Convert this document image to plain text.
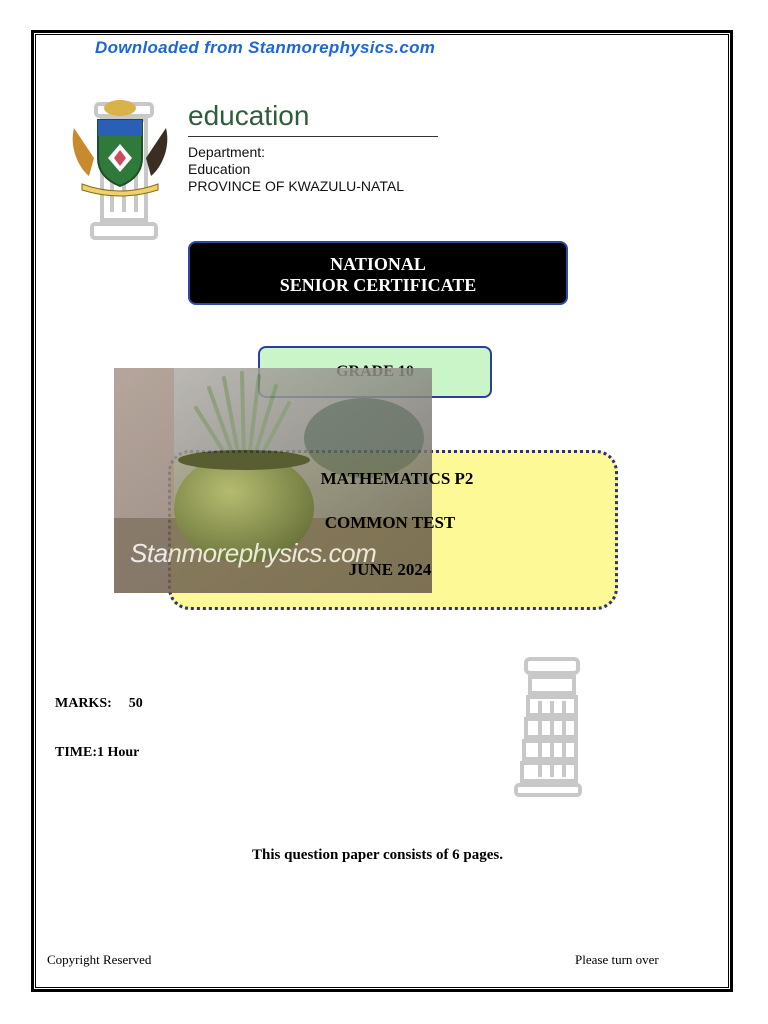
Downloaded from Stanmorephysics.com
education
Department:
Education
PROVINCE OF KWAZULU-NATAL
NATIONAL
SENIOR CERTIFICATE
Stanmorephysics.com
MATHEMATICS P2
COMMON TEST
JUNE 2024
MARKS: 50
TIME:1 Hour
This question paper consists of 6 pages.
Copyright Reserved	Please turn over
